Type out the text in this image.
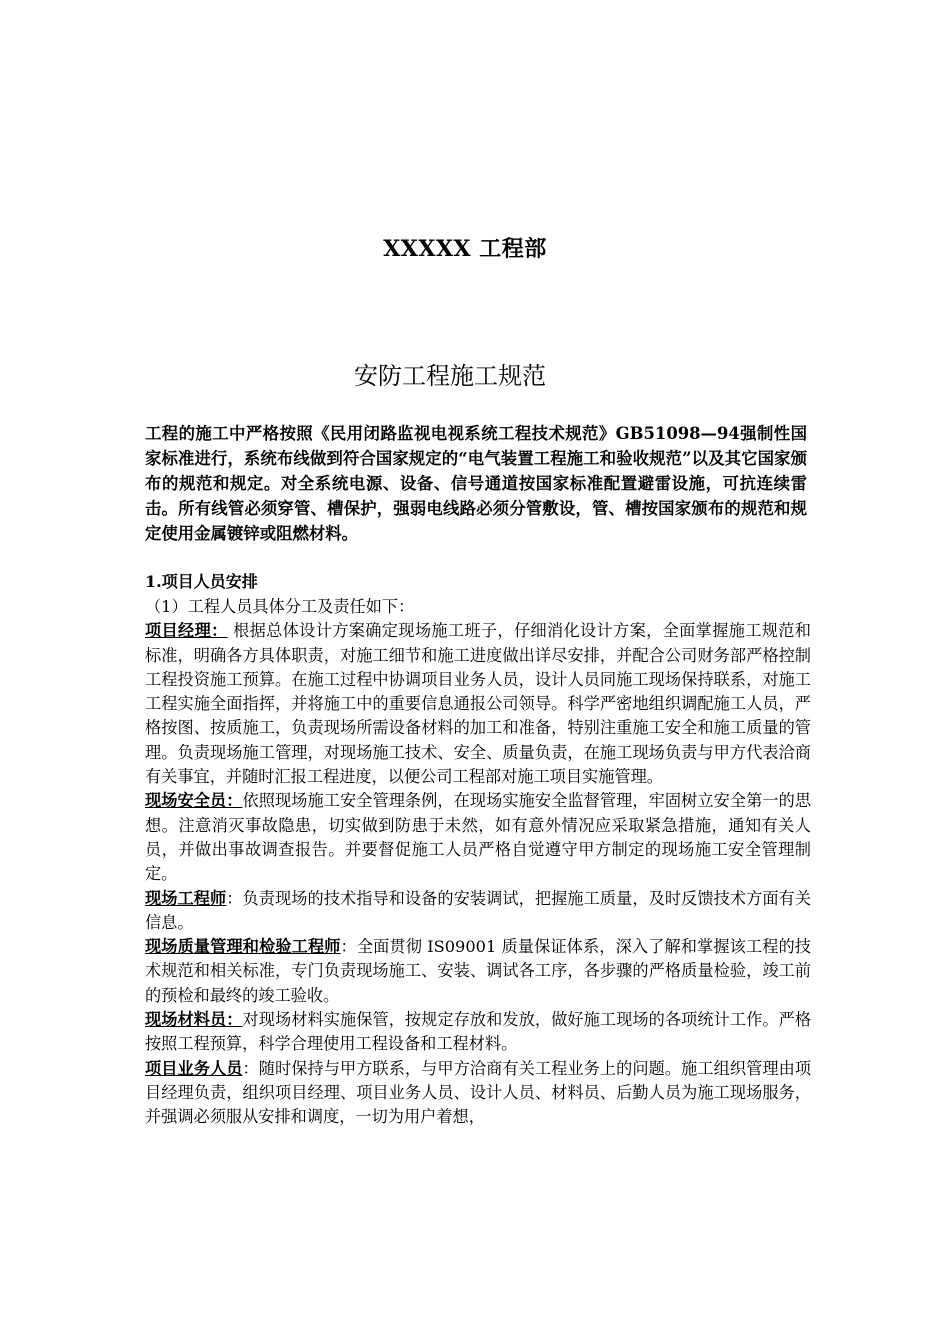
XXXXX 工程部
安防工程施工规范

工程的施工中严格按照《民用闭路监视电视系统工程技术规范》GB51098—94强制性国家标准进行，系统布线做到符合国家规定的“电气装置工程施工和验收规范”以及其它国家颁布的规范和规定。对全系统电源、设备、信号通道按国家标准配置避雷设施，可抗连续雷击。所有线管必须穿管、槽保护，强弱电线路必须分管敷设，管、槽按国家颁布的规范和规定使用金属镀锌或阻燃材料。

1.项目人员安排

（1）工程人员具体分工及责任如下：

项目经理： 根据总体设计方案确定现场施工班子，仔细消化设计方案，全面掌握施工规范和标准，明确各方具体职责，对施工细节和施工进度做出详尽安排，并配合公司财务部严格控制工程投资施工预算。在施工过程中协调项目业务人员，设计人员同施工现场保持联系，对施工工程实施全面指挥，并将施工中的重要信息通报公司领导。科学严密地组织调配施工人员，严格按图、按质施工，负责现场所需设备材料的加工和准备，特别注重施工安全和施工质量的管理。负责现场施工管理，对现场施工技术、安全、质量负责，在施工现场负责与甲方代表洽商有关事宜，并随时汇报工程进度，以便公司工程部对施工项目实施管理。

现场安全员：依照现场施工安全管理条例，在现场实施安全监督管理，牢固树立安全第一的思想。注意消灭事故隐患，切实做到防患于未然，如有意外情况应采取紧急措施，通知有关人员，并做出事故调查报告。并要督促施工人员严格自觉遵守甲方制定的现场施工安全管理制定。

现场工程师：负责现场的技术指导和设备的安装调试，把握施工质量，及时反馈技术方面有关信息。

现场质量管理和检验工程师：全面贯彻 IS09001 质量保证体系，深入了解和掌握该工程的技术规范和相关标准，专门负责现场施工、安装、调试各工序，各步骤的严格质量检验，竣工前的预检和最终的竣工验收。

现场材料员：对现场材料实施保管，按规定存放和发放，做好施工现场的各项统计工作。严格按照工程预算，科学合理使用工程设备和工程材料。

项目业务人员：随时保持与甲方联系，与甲方洽商有关工程业务上的问题。施工组织管理由项目经理负责，组织项目经理、项目业务人员、设计人员、材料员、后勤人员为施工现场服务，并强调必须服从安排和调度，一切为用户着想，
